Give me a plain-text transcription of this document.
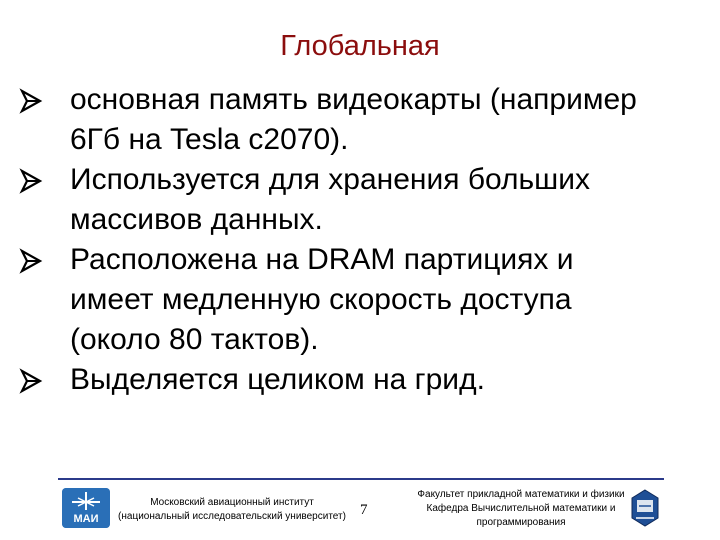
Глобальная
основная память видеокарты (например
6Гб на Tesla c2070).
Используется для хранения больших
массивов данных.
Расположена на DRAM партициях и
имеет медленную скорость доступа
(около 80 тактов).
Выделяется целиком на грид.
МАИ
Московский авиационный институт
(национальный исследовательский университет) 7
Факультет прикладной математики и физики
Кафедра Вычислительной математики и
программирования
